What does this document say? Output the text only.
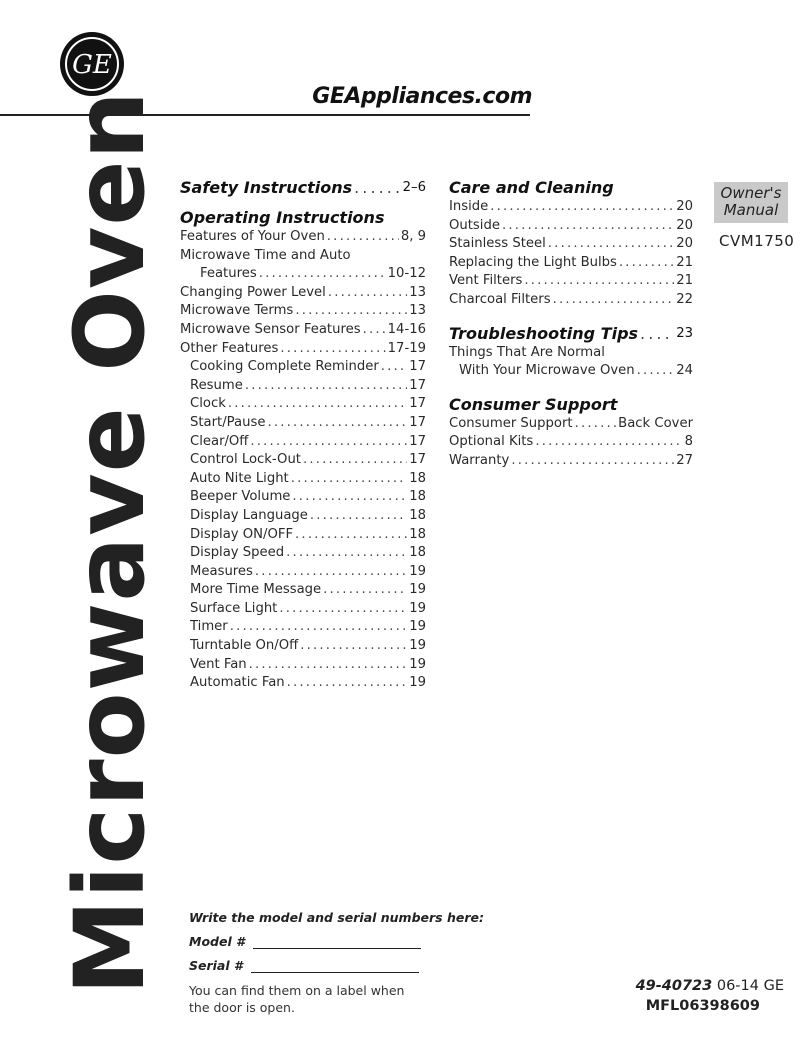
GE
GEAppliances.com
Microwave Oven Safety Instructions . . .	2–6
Operating Instructions
Features of Your Oven . . .	8, 9
Microwave Time and Auto
Features . . .	10-12
Changing Power Level . . .	13
Microwave Terms . . .	13
Microwave Sensor Features . . . 14-16
Other Features . . .	17-19
Cooking Complete Reminder . . . 17
Resume . . .	17
Clock . . .	17
Start/Pause . . .	17
Clear/Off . . .	17
Control Lock-Out . . .	17
Auto Nite Light . . .	18
Beeper Volume . . .	18
Display Language . . .	18
Display ON/OFF . . .	18
Display Speed . . .	18
Measures . . .	19
More Time Message . . .	19
Surface Light . . .	19
Timer . . .	19
Turntable On/Off . . .	19
Vent Fan . . .	19
Automatic Fan . . .	19
Care and Cleaning
Inside . . .	20
Outside . . .	20
Stainless Steel . . .	20
Replacing the Light Bulbs . . .	21
Vent Filters . . .	21
Charcoal Filters . . .	22
Troubleshooting Tips . . .	23
Things That Are Normal
With Your Microwave Oven . . .	24
Consumer Support
Consumer Support . . .	Back Cover
Optional Kits . . .	8
Warranty . . .	27
Owner's
Manual
CVM1750
Write the model and serial numbers here:
Model #
Serial #
You can find them on a label when the door is open.
49-40723 06-14 GE
MFL06398609
